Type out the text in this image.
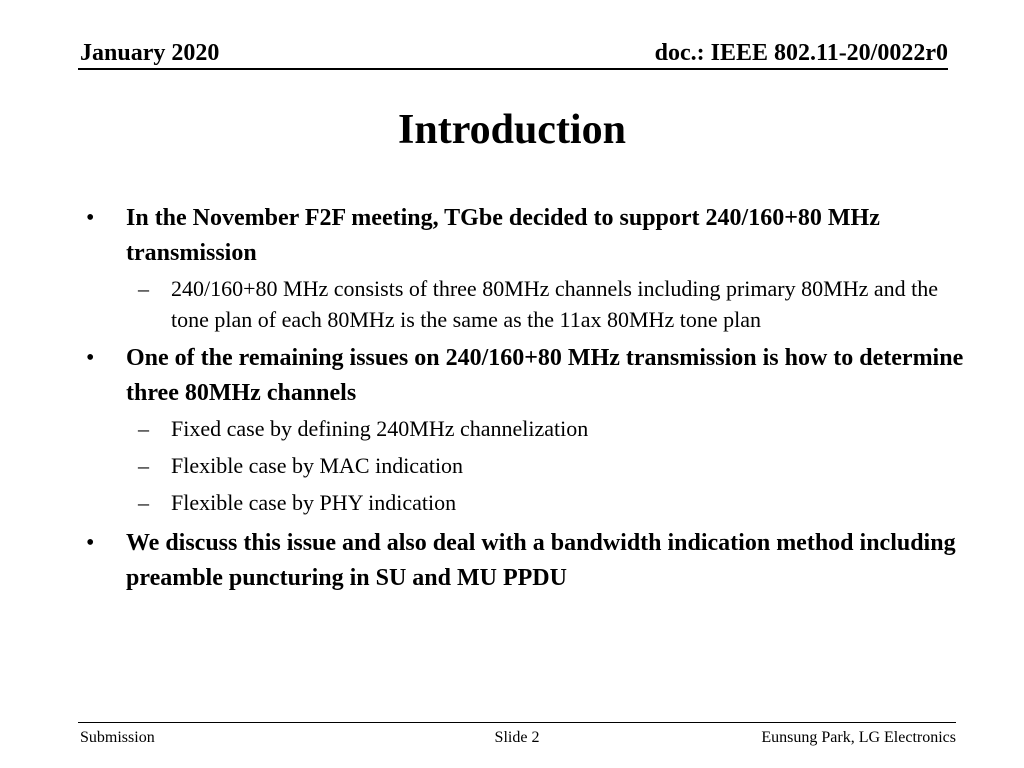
January 2020	doc.: IEEE 802.11-20/0022r0
Introduction
• In the November F2F meeting, TGbe decided to support 240/160+80 MHz transmission
– 240/160+80 MHz consists of three 80MHz channels including primary 80MHz and the tone plan of each 80MHz is the same as the 11ax 80MHz tone plan
• One of the remaining issues on 240/160+80 MHz transmission is how to determine three 80MHz channels
– Fixed case by defining 240MHz channelization
– Flexible case by MAC indication
– Flexible case by PHY indication
• We discuss this issue and also deal with a bandwidth indication method including preamble puncturing in SU and MU PPDU
Submission	Slide 2	Eunsung Park, LG Electronics
